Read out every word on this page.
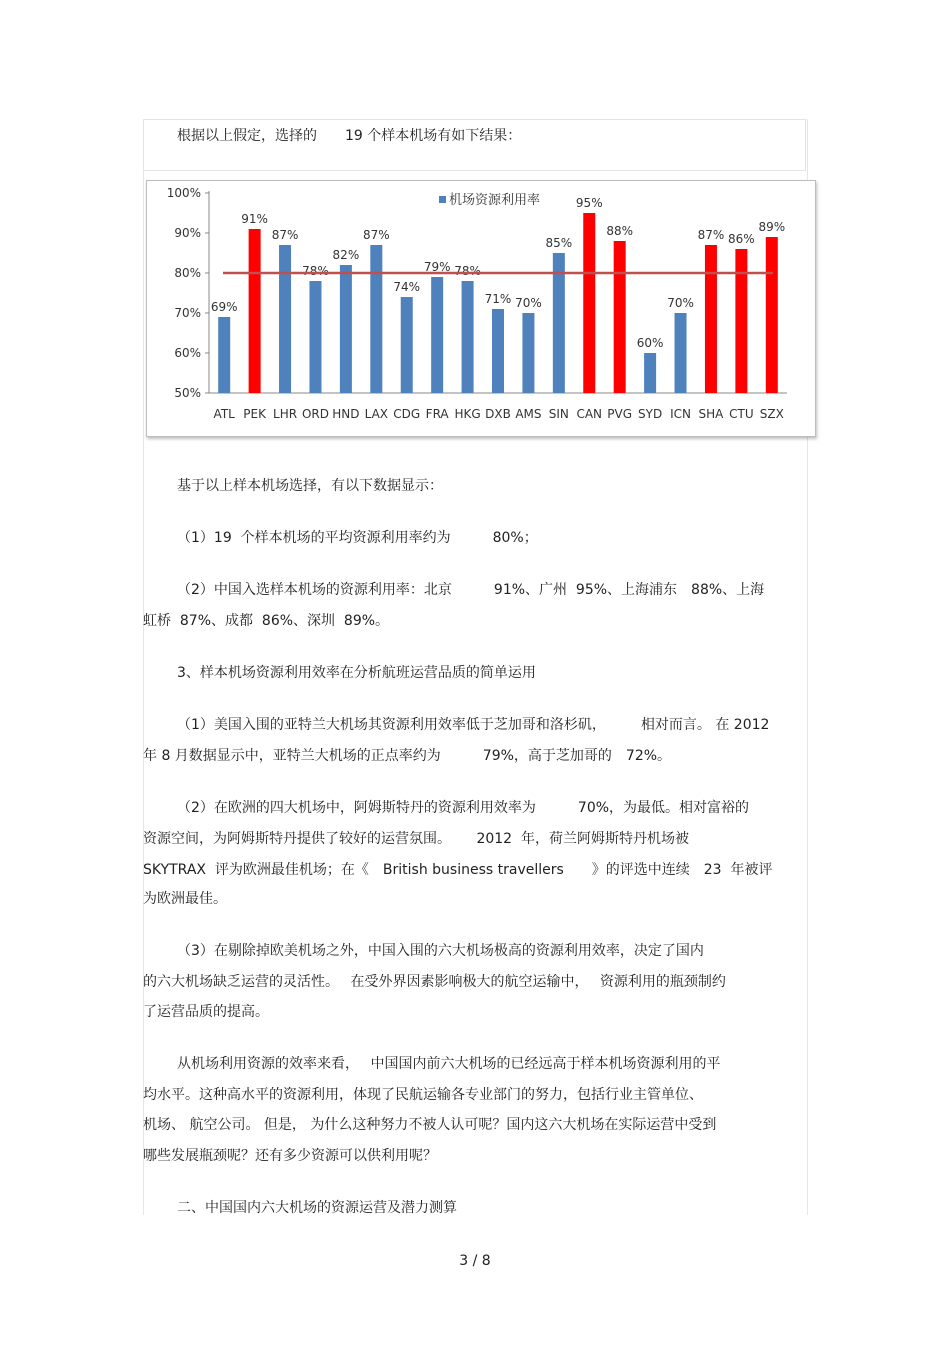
根据以上假定，选择的　　19 个样本机场有如下结果：
50%
60%
70%
80%
90%
100%
69%
ATL
91%
PEK
87%
LHR
78%
ORD
82%
HND
87%
LAX
74%
CDG
79%
FRA
78%
HKG
71%
DXB
70%
AMS
85%
SIN
95%
CAN
88%
PVG
60%
SYD
70%
ICN
87%
SHA
86%
CTU
89%
SZX
机场资源利用率
基于以上样本机场选择，有以下数据显示：
（1）19  个样本机场的平均资源利用率约为　　　80%；
（2）中国入选样本机场的资源利用率：北京　　　91%、广州  95%、上海浦东　88%、上海
虹桥  87%、成都  86%、深圳  89%。
3、样本机场资源利用效率在分析航班运营品质的简单运用
（1）美国入围的亚特兰大机场其资源利用效率低于芝加哥和洛杉矶，　　　相对而言。 在 2012
年 8 月数据显示中，亚特兰大机场的正点率约为　　　79%，高于芝加哥的　72%。
（2）在欧洲的四大机场中，阿姆斯特丹的资源利用效率为　　　70%，为最低。相对富裕的
资源空间，为阿姆斯特丹提供了较好的运营氛围。　　 2012  年，荷兰阿姆斯特丹机场被
SKYTRAX  评为欧洲最佳机场；在《　British business travellers　　》的评选中连续　23  年被评
为欧洲最佳。
（3）在剔除掉欧美机场之外，中国入围的六大机场极高的资源利用效率，决定了国内
的六大机场缺乏运营的灵活性。　 在受外界因素影响极大的航空运输中，　 资源利用的瓶颈制约
了运营品质的提高。
从机场利用资源的效率来看，　 中国国内前六大机场的已经远高于样本机场资源利用的平
均水平。这种高水平的资源利用，体现了民航运输各专业部门的努力，包括行业主管单位、
机场、 航空公司。 但是， 为什么这种努力不被人认可呢？国内这六大机场在实际运营中受到
哪些发展瓶颈呢？还有多少资源可以供利用呢？
二、中国国内六大机场的资源运营及潜力测算
3 / 8
